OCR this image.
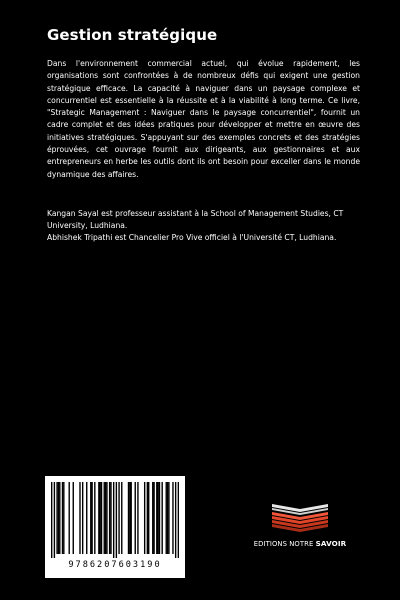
Gestion stratégique

Dans l'environnement commercial actuel, qui évolue rapidement, les organisations sont confrontées à de nombreux défis qui exigent une gestion stratégique efficace. La capacité à naviguer dans un paysage complexe et concurrentiel est essentielle à la réussite et à la viabilité à long terme. Ce livre, "Strategic Management : Naviguer dans le paysage concurrentiel", fournit un cadre complet et des idées pratiques pour développer et mettre en œuvre des initiatives stratégiques. S'appuyant sur des exemples concrets et des stratégies éprouvées, cet ouvrage fournit aux dirigeants, aux gestionnaires et aux entrepreneurs en herbe les outils dont ils ont besoin pour exceller dans le monde dynamique des affaires.

Kangan Sayal est professeur assistant à la School of Management Studies, CT University, Ludhiana.

Abhishek Tripathi est Chancelier Pro Vive officiel à l'Université CT, Ludhiana.

9786207603190
EDITIONS NOTRE SAVOIR
